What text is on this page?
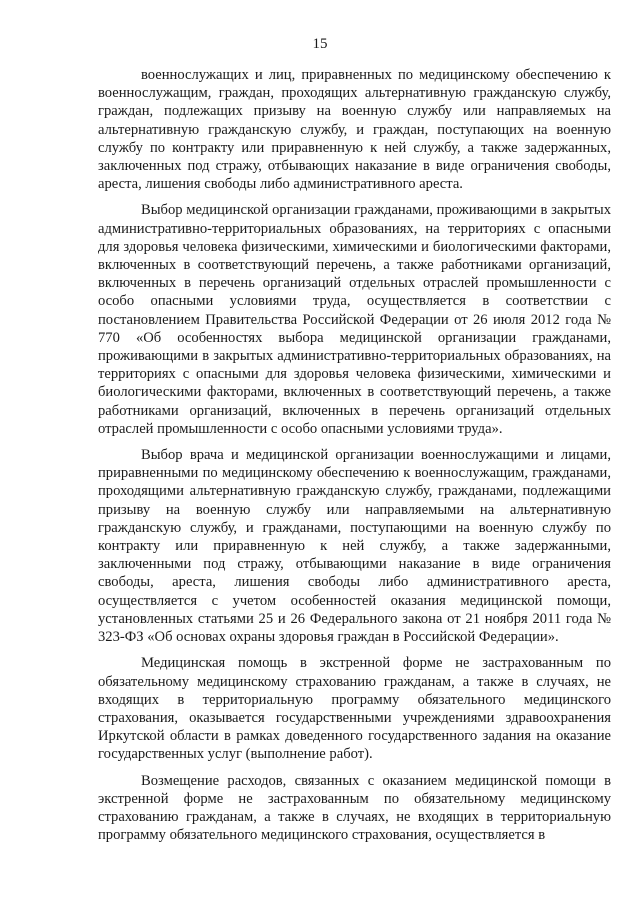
15

военнослужащих и лиц, приравненных по медицинскому обеспечению к военнослужащим, граждан, проходящих альтернативную гражданскую службу, граждан, подлежащих призыву на военную службу или направляемых на альтернативную гражданскую службу, и граждан, поступающих на военную службу по контракту или приравненную к ней службу, а также задержанных, заключенных под стражу, отбывающих наказание в виде ограничения свободы, ареста, лишения свободы либо административного ареста.

Выбор медицинской организации гражданами, проживающими в закрытых административно-территориальных образованиях, на территориях с опасными для здоровья человека физическими, химическими и биологическими факторами, включенных в соответствующий перечень, а также работниками организаций, включенных в перечень организаций отдельных отраслей промышленности с особо опасными условиями труда, осуществляется в соответствии с постановлением Правительства Российской Федерации от 26 июля 2012 года № 770 «Об особенностях выбора медицинской организации гражданами, проживающими в закрытых административно-территориальных образованиях, на территориях с опасными для здоровья человека физическими, химическими и биологическими факторами, включенных в соответствующий перечень, а также работниками организаций, включенных в перечень организаций отдельных отраслей промышленности с особо опасными условиями труда».

Выбор врача и медицинской организации военнослужащими и лицами, приравненными по медицинскому обеспечению к военнослужащим, гражданами, проходящими альтернативную гражданскую службу, гражданами, подлежащими призыву на военную службу или направляемыми на альтернативную гражданскую службу, и гражданами, поступающими на военную службу по контракту или приравненную к ней службу, а также задержанными, заключенными под стражу, отбывающими наказание в виде ограничения свободы, ареста, лишения свободы либо административного ареста, осуществляется с учетом особенностей оказания медицинской помощи, установленных статьями 25 и 26 Федерального закона от 21 ноября 2011 года № 323-ФЗ «Об основах охраны здоровья граждан в Российской Федерации».

Медицинская помощь в экстренной форме не застрахованным по обязательному медицинскому страхованию гражданам, а также в случаях, не входящих в территориальную программу обязательного медицинского страхования, оказывается государственными учреждениями здравоохранения Иркутской области в рамках доведенного государственного задания на оказание государственных услуг (выполнение работ).

Возмещение расходов, связанных с оказанием медицинской помощи в экстренной форме не застрахованным по обязательному медицинскому страхованию гражданам, а также в случаях, не входящих в территориальную программу обязательного медицинского страхования, осуществляется в
